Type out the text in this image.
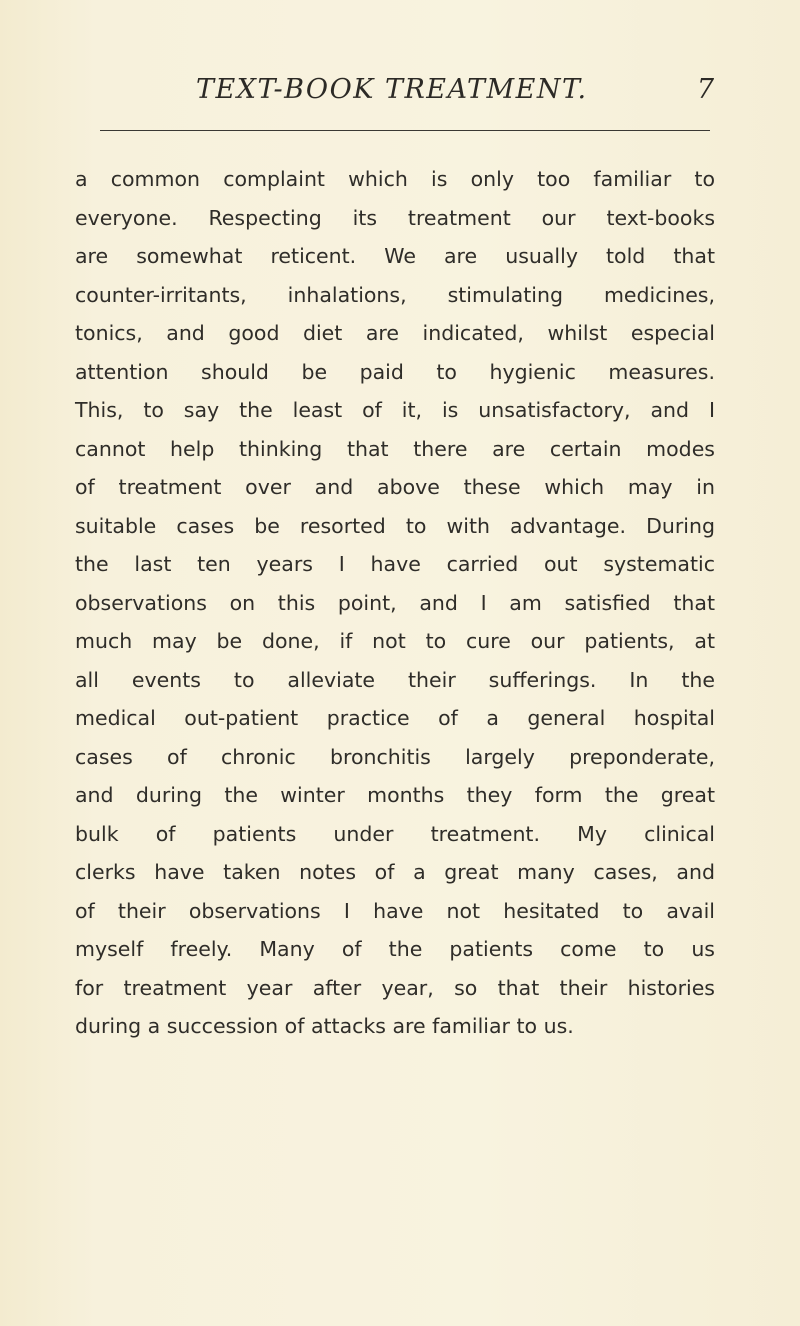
TEXT-BOOK TREATMENT.	7
a common complaint which is only too familiar to
everyone. Respecting its treatment our text-books
are somewhat reticent. We are usually told that
counter-irritants, inhalations, stimulating medicines,
tonics, and good diet are indicated, whilst especial
attention should be paid to hygienic measures.
This, to say the least of it, is unsatisfactory, and I
cannot help thinking that there are certain modes
of treatment over and above these which may in
suitable cases be resorted to with advantage. During
the last ten years I have carried out systematic
observations on this point, and I am satisfied that
much may be done, if not to cure our patients, at
all events to alleviate their sufferings. In the
medical out-patient practice of a general hospital
cases of chronic bronchitis largely preponderate,
and during the winter months they form the great
bulk of patients under treatment. My clinical
clerks have taken notes of a great many cases, and
of their observations I have not hesitated to avail
myself freely. Many of the patients come to us
for treatment year after year, so that their histories
during a succession of attacks are familiar to us.
